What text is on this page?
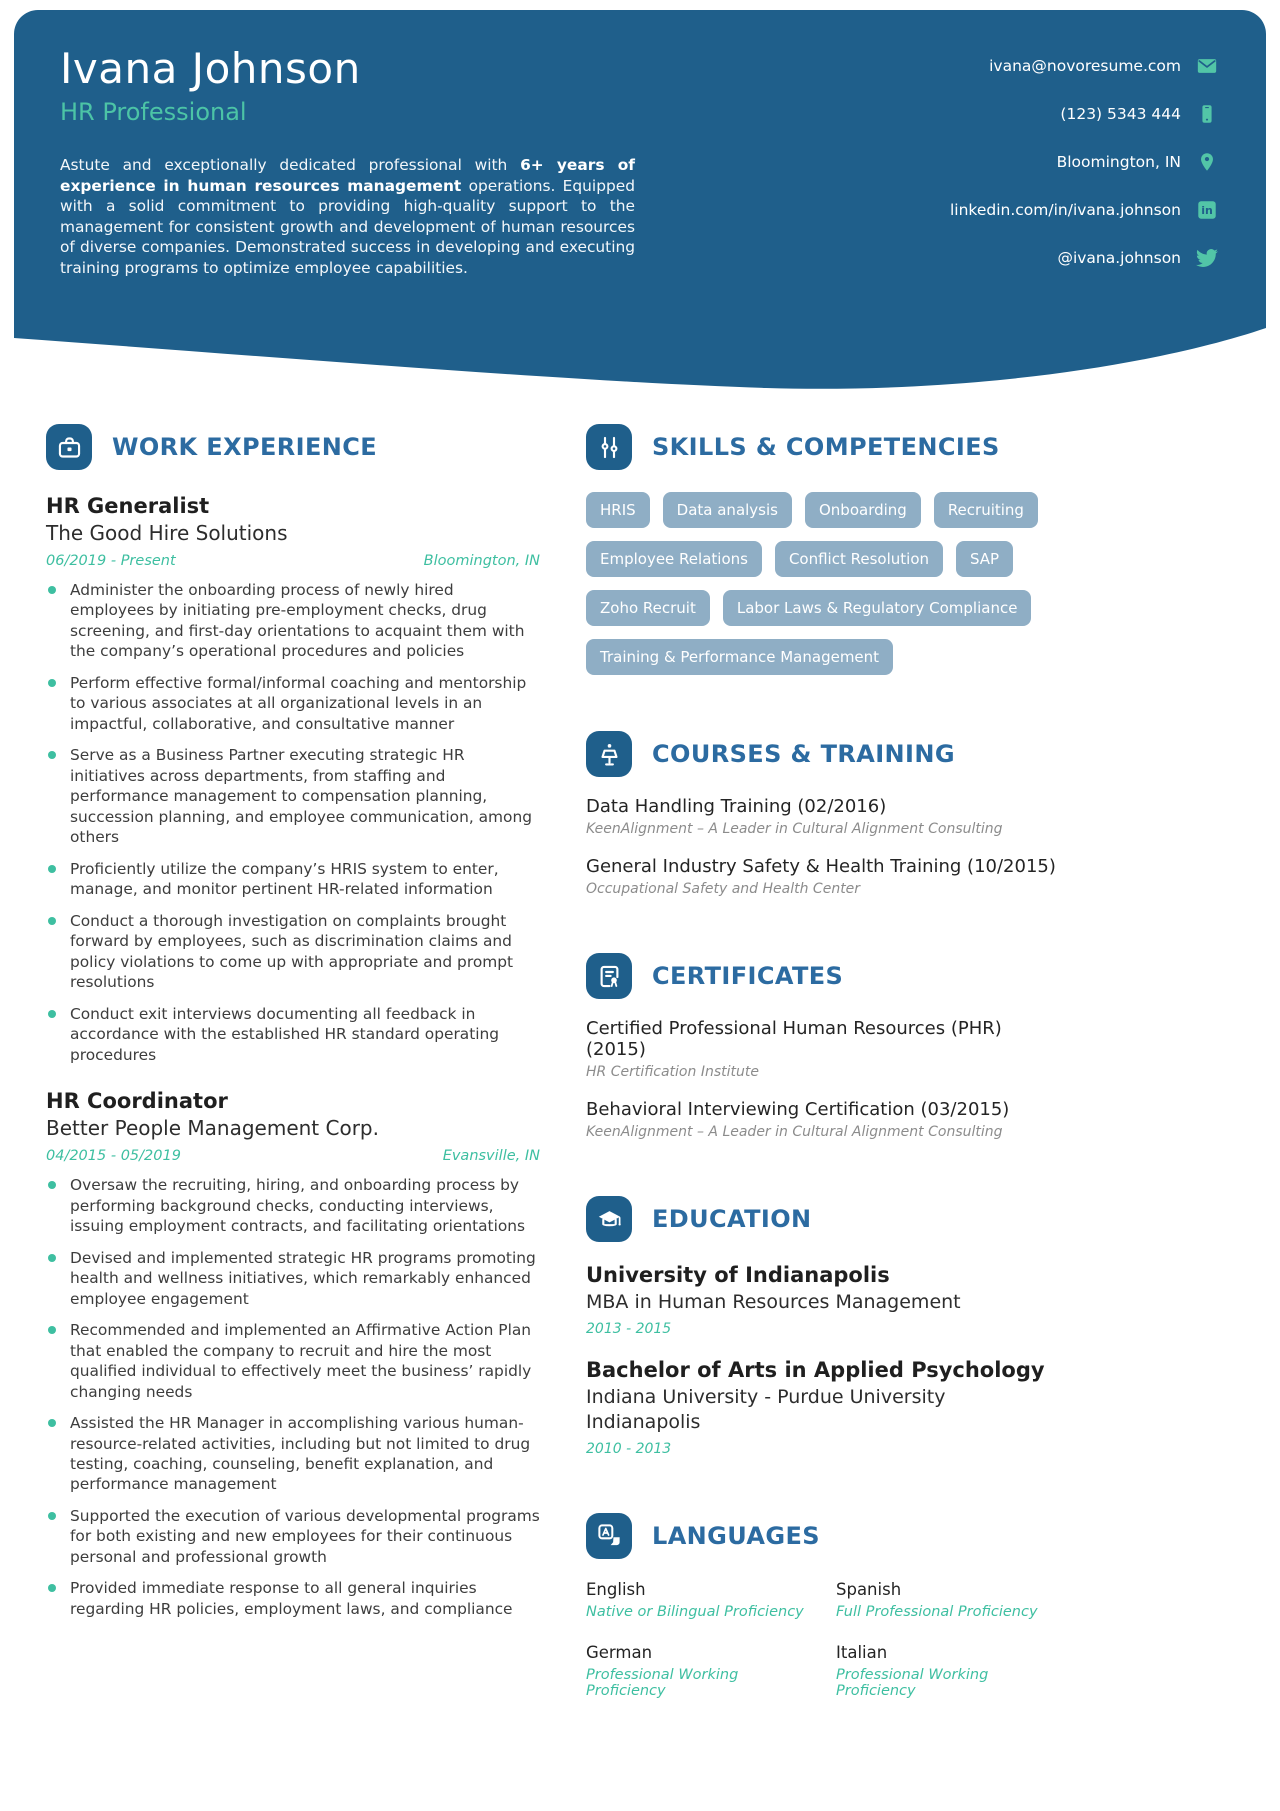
Ivana Johnson
HR Professional
Astute and exceptionally dedicated professional with 6+ years of experience in human resources management operations. Equipped with a solid commitment to providing high-quality support to the management for consistent growth and development of human resources of diverse companies. Demonstrated success in developing and executing training programs to optimize employee capabilities.
ivana@novoresume.com
(123) 5343 444
Bloomington, IN
linkedin.com/in/ivana.johnson in
@ivana.johnson
WORK EXPERIENCE
HR Generalist
The Good Hire Solutions
06/2019 - Present	Bloomington, IN
Administer the onboarding process of newly hired employees by initiating pre-employment checks, drug screening, and first-day orientations to acquaint them with the company’s operational procedures and policies
Perform effective formal/informal coaching and mentorship to various associates at all organizational levels in an impactful, collaborative, and consultative manner
Serve as a Business Partner executing strategic HR initiatives across departments, from staffing and performance management to compensation planning, succession planning, and employee communication, among others
Proficiently utilize the company’s HRIS system to enter, manage, and monitor pertinent HR-related information
Conduct a thorough investigation on complaints brought forward by employees, such as discrimination claims and policy violations to come up with appropriate and prompt resolutions
Conduct exit interviews documenting all feedback in accordance with the established HR standard operating procedures
HR Coordinator
Better People Management Corp.
04/2015 - 05/2019	Evansville, IN
Oversaw the recruiting, hiring, and onboarding process by performing background checks, conducting interviews, issuing employment contracts, and facilitating orientations
Devised and implemented strategic HR programs promoting health and wellness initiatives, which remarkably enhanced employee engagement
Recommended and implemented an Affirmative Action Plan that enabled the company to recruit and hire the most qualified individual to effectively meet the business’ rapidly changing needs
Assisted the HR Manager in accomplishing various human-resource-related activities, including but not limited to drug testing, coaching, counseling, benefit explanation, and performance management
Supported the execution of various developmental programs for both existing and new employees for their continuous personal and professional growth
Provided immediate response to all general inquiries regarding HR policies, employment laws, and compliance
SKILLS & COMPETENCIES
HRIS	Data analysis	Onboarding	Recruiting
Employee Relations	Conflict Resolution	SAP
Zoho Recruit	Labor Laws & Regulatory Compliance
Training & Performance Management
COURSES & TRAINING
Data Handling Training (02/2016)
KeenAlignment – A Leader in Cultural Alignment Consulting
General Industry Safety & Health Training (10/2015)
Occupational Safety and Health Center
CERTIFICATES
Certified Professional Human Resources (PHR) (2015)
HR Certification Institute
Behavioral Interviewing Certification (03/2015)
KeenAlignment – A Leader in Cultural Alignment Consulting
EDUCATION
University of Indianapolis
MBA in Human Resources Management
2013 - 2015
Bachelor of Arts in Applied Psychology
Indiana University - Purdue University Indianapolis
2010 - 2013
LANGUAGES
English
Native or Bilingual Proficiency
Spanish
Full Professional Proficiency
German
Professional Working Proficiency
Italian
Professional Working Proficiency
